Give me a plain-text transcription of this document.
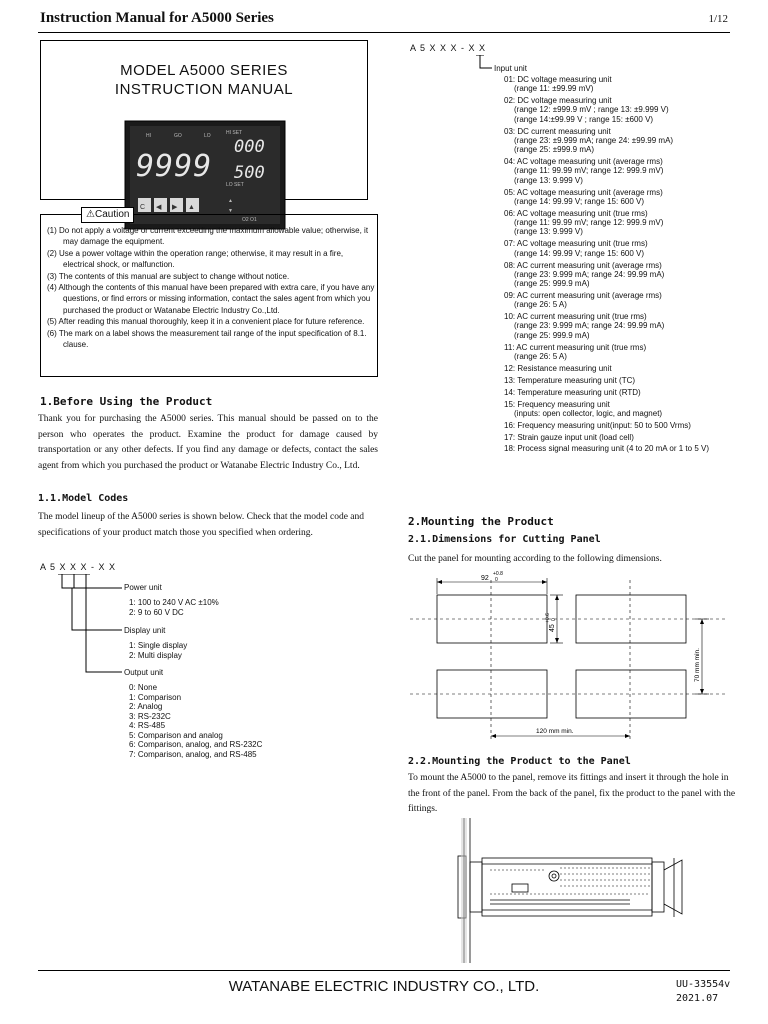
Instruction Manual for A5000 Series	1/12
MODEL A5000 SERIES
INSTRUCTION MANUAL
HI	GO	LO	HI SET
9999
000
500
LO SET
▲
▼
C ◀ ▶ ▲
O2 O1
⚠Caution
(1) Do not apply a voltage or current exceeding the maximum allowable value; otherwise, it may damage the equipment.
(2) Use a power voltage within the operation range; otherwise, it may result in a fire, electrical shock, or malfunction.
(3) The contents of this manual are subject to change without notice.
(4) Although the contents of this manual have been prepared with extra care, if you have any questions, or find errors or missing information, contact the sales agent from which you purchased the product or Watanabe Electric Industry Co.,Ltd.
(5) After reading this manual thoroughly, keep it in a convenient place for future reference.
(6) The mark on a label shows the measurement tail range of the input specification of 8.1. clause.
1.Before Using the Product
Thank you for purchasing the A5000 series. This manual should be passed on to the person who operates the product. Examine the product for damage caused by transportation or any other defects. If you find any damage or defects, contact the sales agent from which you purchased the product or Watanabe Electric Industry Co., Ltd.
1.1.Model Codes
The model lineup of the A5000 series is shown below. Check that the model code and specifications of your product match those you specified when ordering.
A 5 X X X - X X
Power unit
1: 100 to 240 V AC ±10%
2: 9 to 60 V DC
Display unit
1: Single display
2: Multi display
Output unit
0: None
1: Comparison
2: Analog
3: RS-232C
4: RS-485
5: Comparison and analog
6: Comparison, analog, and RS-232C
7: Comparison, analog, and RS-485
A 5 X X X - X X
Input unit
01: DC voltage measuring unit
(range 11: ±99.99 mV)
02: DC voltage measuring unit
(range 12: ±999.9 mV ; range 13: ±9.999 V)
(range 14:±99.99 V ; range 15: ±600 V)
03: DC current measuring unit
(range 23: ±9.999 mA; range 24: ±99.99 mA)
(range 25: ±999.9 mA)
04: AC voltage measuring unit (average rms)
(range 11: 99.99 mV; range 12: 999.9 mV)
(range 13: 9.999 V)
05: AC voltage measuring unit (average rms)
(range 14: 99.99 V; range 15: 600 V)
06: AC voltage measuring unit (true rms)
(range 11: 99.99 mV; range 12: 999.9 mV)
(range 13: 9.999 V)
07: AC voltage measuring unit (true rms)
(range 14: 99.99 V; range 15: 600 V)
08: AC current measuring unit (average rms)
(range 23: 9.999 mA; range 24: 99.99 mA)
(range 25: 999.9 mA)
09: AC current measuring unit (average rms)
(range 26: 5 A)
10: AC current measuring unit (true rms)
(range 23: 9.999 mA; range 24: 99.99 mA)
(range 25: 999.9 mA)
11: AC current measuring unit (true rms)
(range 26: 5 A)
12: Resistance measuring unit
13: Temperature measuring unit (TC)
14: Temperature measuring unit (RTD)
15: Frequency measuring unit
(inputs: open collector, logic, and magnet)
16: Frequency measuring unit(input: 50 to 500 Vrms)
17: Strain gauze input unit (load cell)
18: Process signal measuring unit (4 to 20 mA or 1 to 5 V)
2.Mounting the Product
2.1.Dimensions for Cutting Panel
Cut the panel for mounting according to the following dimensions.
92
+0.8
0
45
+0.6 0
70 mm min.
120 mm min.
2.2.Mounting the Product to the Panel
To mount the A5000 to the panel, remove its fittings and insert it through the hole in the front of the panel. From the back of the panel, fix the product to the panel with the fittings.
WATANABE ELECTRIC INDUSTRY CO., LTD.	UU-33554v
2021.07
